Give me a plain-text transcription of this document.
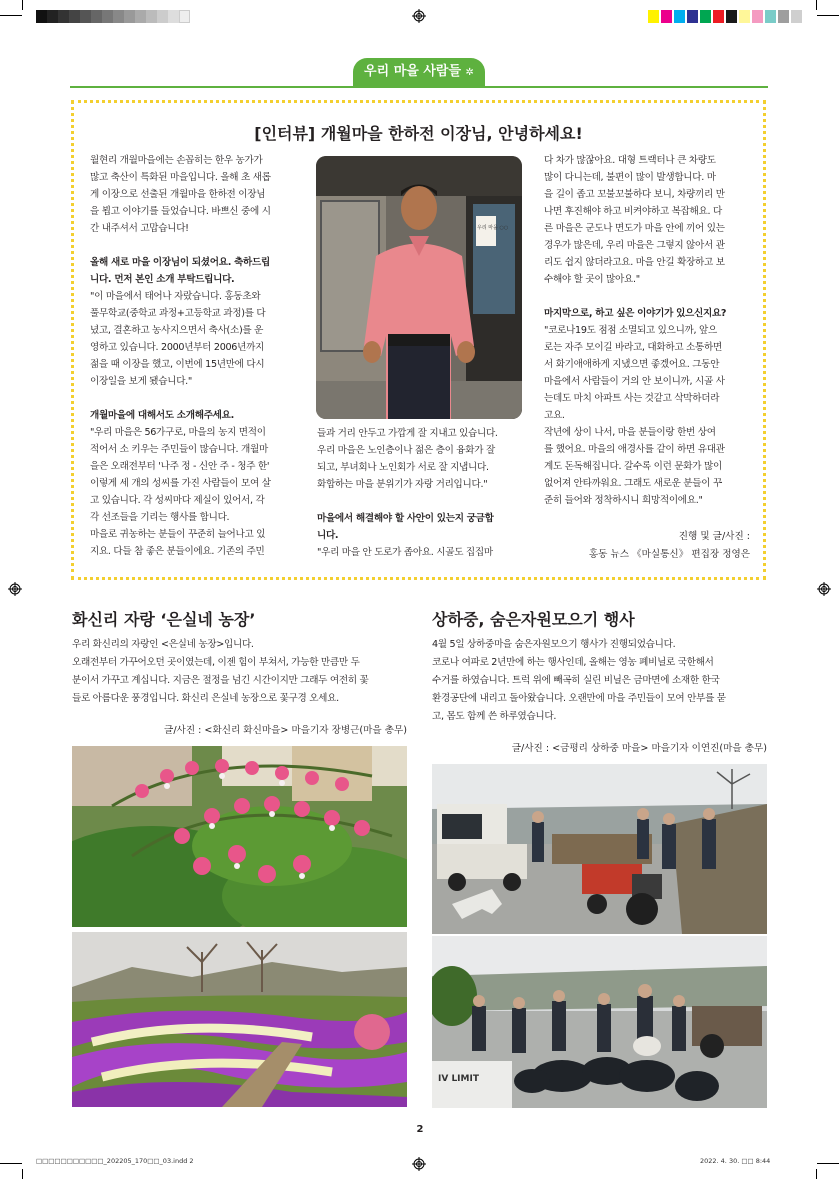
우리 마을 사람들 ✲
[인터뷰] 개월마을 한하전 이장님, 안녕하세요!

월현리 개월마을에는 손꼽히는 한우 농가가

많고 축산이 특화된 마을입니다. 올해 초 새롭

게 이장으로 선출된 개월마을 한하전 이장님

을 뵙고 이야기를 들었습니다. 바쁘신 중에 시

간 내주셔서 고맙습니다!

올해 새로 마을 이장님이 되셨어요. 축하드립

니다. 먼저 본인 소개 부탁드립니다.

"이 마을에서 태어나 자랐습니다. 홍동초와

풀무학교(중학교 과정+고등학교 과정)를 다

녔고, 결혼하고 농사지으면서 축사(소)를 운

영하고 있습니다. 2000년부터 2006년까지

젊을 때 이장을 했고, 이번에 15년만에 다시

이장일을 보게 됐습니다."

개월마을에 대해서도 소개해주세요.

"우리 마을은 56가구로, 마을의 농지 면적이

적어서 소 키우는 주민들이 많습니다. 개월마

을은 오래전부터 '나주 정 - 신안 주 - 청주 한'

이렇게 세 개의 성씨를 가진 사람들이 모여 살

고 있습니다. 각 성씨마다 제실이 있어서, 각

각 선조들을 기리는 행사를 합니다.

마을로 귀농하는 분들이 꾸준히 늘어나고 있

지요. 다들 참 좋은 분들이에요. 기존의 주민

들과 거리 안두고 가깝게 잘 지내고 있습니다.

우리 마을은 노인층이나 젊은 층이 융화가 잘

되고, 부녀회나 노인회가 서로 잘 지냅니다.

화합하는 마을 분위기가 자랑 거리입니다."

마을에서 해결해야 할 사안이 있는지 궁금합

니다.

"우리 마을 안 도로가 좁아요. 시골도 집집마

다 차가 많잖아요. 대형 트랙터나 큰 차량도

많이 다니는데, 불편이 많이 발생합니다. 마

을 길이 좁고 꼬불꼬불하다 보니, 차량끼리 만

나면 후진해야 하고 비켜야하고 복잡해요. 다

른 마을은 군도나 면도가 마을 안에 끼어 있는

경우가 많은데, 우리 마을은 그렇지 않아서 관

리도 쉽지 않더라고요. 마을 안길 확장하고 보

수해야 할 곳이 많아요."

마지막으로, 하고 싶은 이야기가 있으신지요?

"코로나19도 점점 소멸되고 있으니까, 앞으

로는 자주 모이길 바라고, 대화하고 소통하면

서 화기애애하게 지냈으면 좋겠어요. 그동안

마을에서 사람들이 거의 안 보이니까, 시골 사

는데도 마치 아파트 사는 것같고 삭막하더라

고요.

작년에 상이 나서, 마을 분들이랑 한번 상여

를 했어요. 마을의 애경사를 같이 하면 유대관

계도 돈독해집니다. 갈수록 이런 문화가 많이

없어져 안타까워요. 그래도 새로운 분들이 꾸

준히 들어와 정착하시니 희망적이에요."

진행 및 글/사진 :
홍동 뉴스 《마실통신》 편집장 정영은
우리 마을 ○○
화신리 자랑 ‘은실네 농장’

우리 화신리의 자랑인 <은실네 농장>입니다.

오래전부터 가꾸어오던 곳이였는데, 이젠 힘이 부쳐서, 가능한 만큼만 두

분이서 가꾸고 계십니다. 지금은 절정을 넘긴 시간이지만 그래두 여전히 꽃

들로 아름다운 풍경입니다. 화신리 은실네 농장으로 꽃구경 오세요.

글/사진 : <화신리 화신마을> 마을기자 장병근(마을 총무)
상하중, 숨은자원모으기 행사

4월 5일 상하중마을 숨은자원모으기 행사가 진행되었습니다.

코로나 여파로 2년만에 하는 행사인데, 올해는 영농 폐비닐로 국한해서

수거를 하였습니다. 트럭 위에 빼곡히 실린 비닐은 금마면에 소재한 한국

환경공단에 내리고 돌아왔습니다. 오랜만에 마을 주민들이 모여 안부를 묻

고, 몸도 함께 쓴 하루였습니다.

글/사진 : <금평리 상하중 마을> 마을기자 이연진(마을 총무)
IV LIMIT
2
□□□□□□□□□□□_202205_170□□_03.indd 2	2022. 4. 30. □□ 8:44
